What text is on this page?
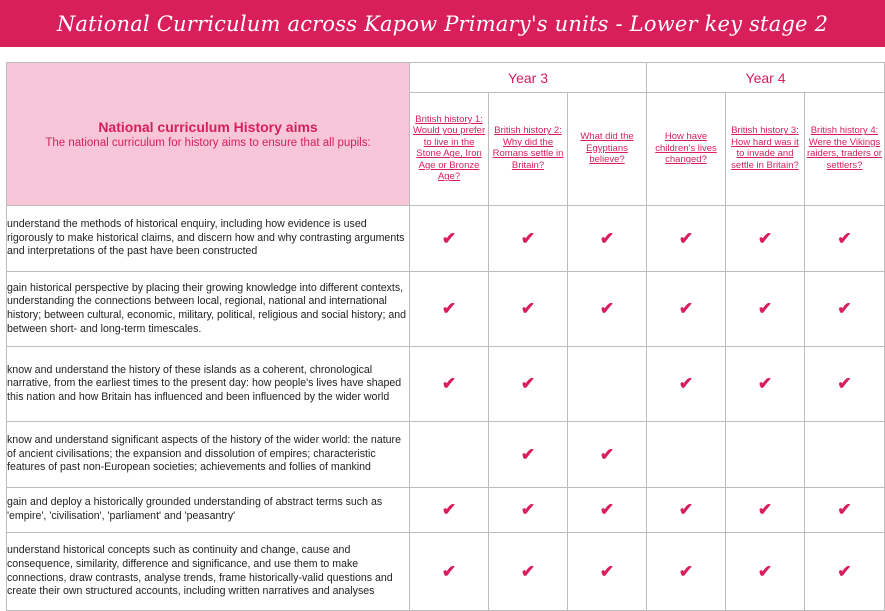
National Curriculum across Kapow Primary's units - Lower key stage 2
National curriculum History aims
The national curriculum for history aims to ensure that all pupils:	Year 3			Year 4		
	British history 1: Would you prefer to live in the Stone Age, Iron Age or Bronze Age?	British history 2: Why did the Romans settle in Britain?	What did the Egyptians believe?	How have children's lives changed?	British history 3: How hard was it to invade and settle in Britain?	British history 4: Were the Vikings raiders, traders or settlers?
understand the methods of historical enquiry, including how evidence is used rigorously to make historical claims, and discern how and why contrasting arguments and interpretations of the past have been constructed	✔	✔	✔	✔	✔	✔
gain historical perspective by placing their growing knowledge into different contexts, understanding the connections between local, regional, national and international history; between cultural, economic, military, political, religious and social history; and between short- and long-term timescales.	✔	✔	✔	✔	✔	✔
know and understand the history of these islands as a coherent, chronological narrative, from the earliest times to the present day: how people's lives have shaped this nation and how Britain has influenced and been influenced by the wider world	✔	✔		✔	✔	✔
know and understand significant aspects of the history of the wider world: the nature of ancient civilisations; the expansion and dissolution of empires; characteristic features of past non-European societies; achievements and follies of mankind		✔	✔			
gain and deploy a historically grounded understanding of abstract terms such as 'empire', 'civilisation', 'parliament' and 'peasantry'	✔	✔	✔	✔	✔	✔
understand historical concepts such as continuity and change, cause and consequence, similarity, difference and significance, and use them to make connections, draw contrasts, analyse trends, frame historically-valid questions and create their own structured accounts, including written narratives and analyses	✔	✔	✔	✔	✔	✔
